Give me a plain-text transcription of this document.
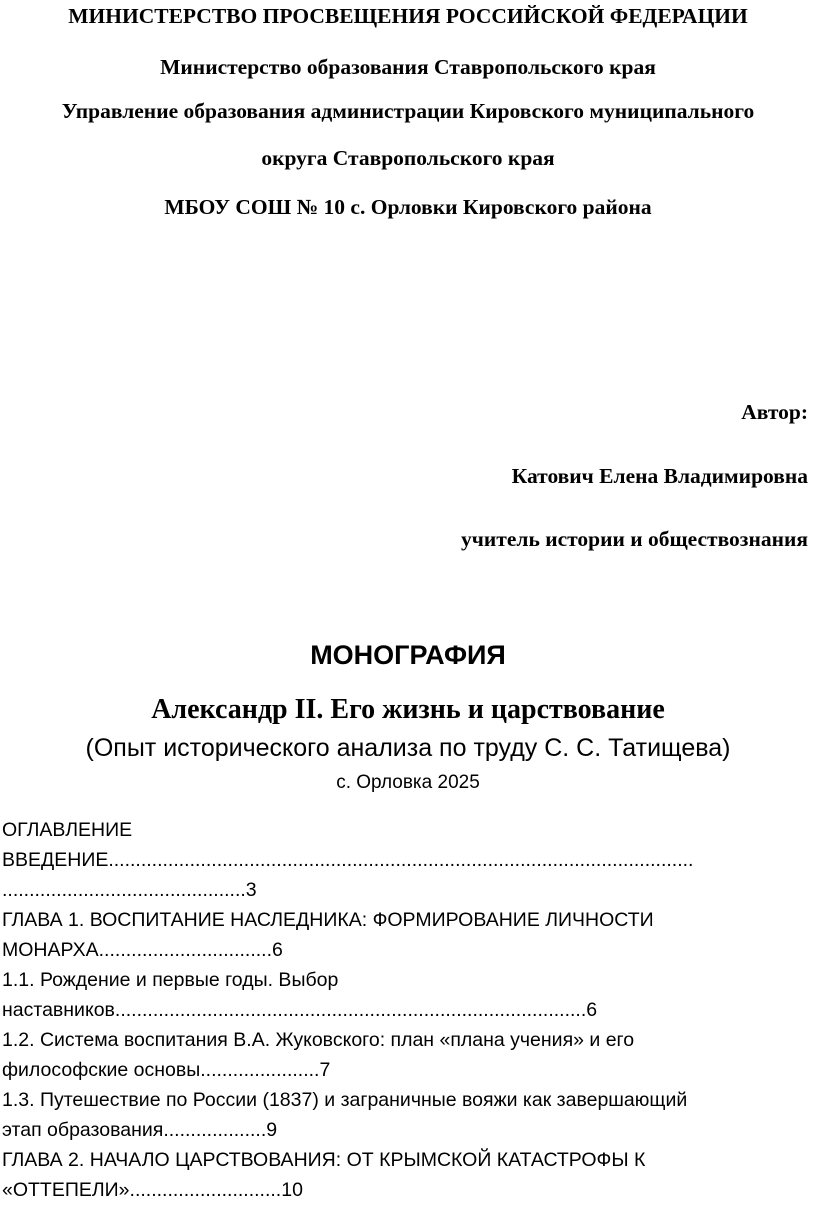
МИНИСТЕРСТВО ПРОСВЕЩЕНИЯ РОССИЙСКОЙ ФЕДЕРАЦИИ
Министерство образования Ставропольского края
Управление образования администрации Кировского муниципального
округа Ставропольского края
МБОУ СОШ № 10 с. Орловки Кировского района
Автор:
Катович Елена Владимировна
учитель истории и обществознания
МОНОГРАФИЯ
Александр II. Его жизнь и царствование
(Опыт исторического анализа по труду С. С. Татищева)
с. Орловка 2025
ОГЛАВЛЕНИЕ
ВВЕДЕНИЕ............................................................................................................
.............................................3
ГЛАВА 1. ВОСПИТАНИЕ НАСЛЕДНИКА: ФОРМИРОВАНИЕ ЛИЧНОСТИ
МОНАРХА................................6
1.1. Рождение и первые годы. Выбор
наставников.......................................................................................6
1.2. Система воспитания В.А. Жуковского: план «плана учения» и его
философские основы......................7
1.3. Путешествие по России (1837) и заграничные вояжи как завершающий
этап образования...................9
ГЛАВА 2. НАЧАЛО ЦАРСТВОВАНИЯ: ОТ КРЫМСКОЙ КАТАСТРОФЫ К
«ОТТЕПЕЛИ»............................10
